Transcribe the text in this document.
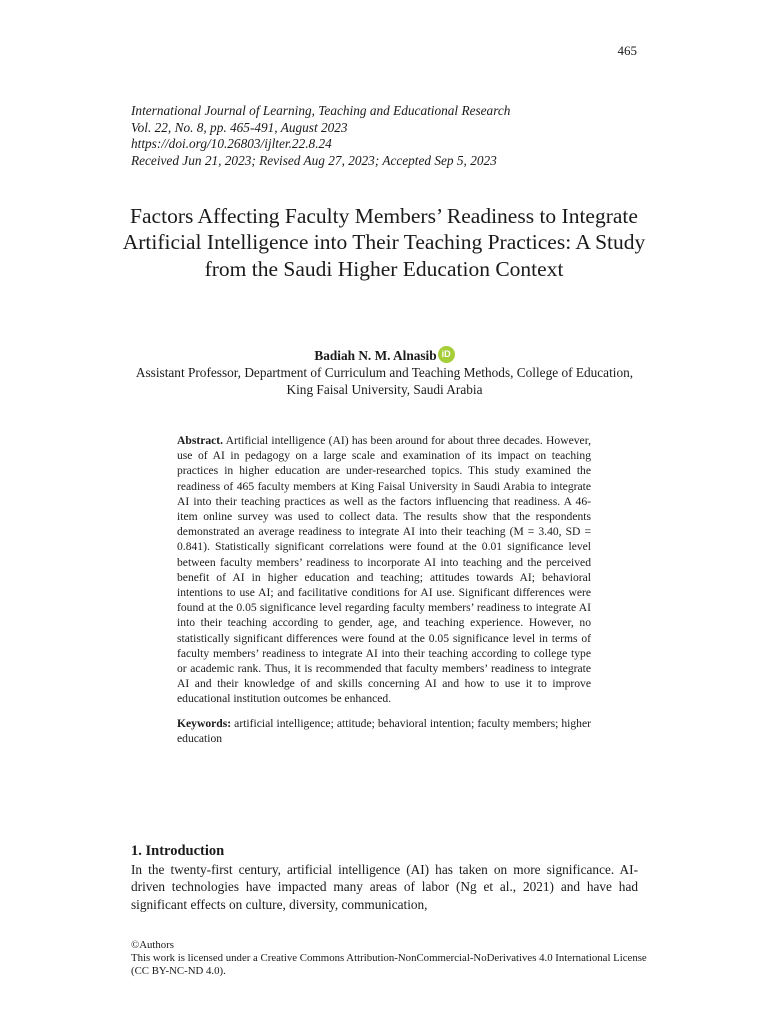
465

International Journal of Learning, Teaching and Educational Research
Vol. 22, No. 8, pp. 465-491, August 2023
https://doi.org/10.26803/ijlter.22.8.24
Received Jun 21, 2023; Revised Aug 27, 2023; Accepted Sep 5, 2023
Factors Affecting Faculty Members’ Readiness to Integrate Artificial Intelligence into Their Teaching Practices: A Study from the Saudi Higher Education Context
Badiah N. M. Alnasib iD
Assistant Professor, Department of Curriculum and Teaching Methods, College of Education, King Faisal University, Saudi Arabia

Abstract. Artificial intelligence (AI) has been around for about three decades. However, use of AI in pedagogy on a large scale and examination of its impact on teaching practices in higher education are under-researched topics. This study examined the readiness of 465 faculty members at King Faisal University in Saudi Arabia to integrate AI into their teaching practices as well as the factors influencing that readiness. A 46-item online survey was used to collect data. The results show that the respondents demonstrated an average readiness to integrate AI into their teaching (M = 3.40, SD = 0.841). Statistically significant correlations were found at the 0.01 significance level between faculty members’ readiness to incorporate AI into teaching and the perceived benefit of AI in higher education and teaching; attitudes towards AI; behavioral intentions to use AI; and facilitative conditions for AI use. Significant differences were found at the 0.05 significance level regarding faculty members’ readiness to integrate AI into their teaching according to gender, age, and teaching experience. However, no statistically significant differences were found at the 0.05 significance level in terms of faculty members’ readiness to integrate AI into their teaching according to college type or academic rank. Thus, it is recommended that faculty members’ readiness to integrate AI and their knowledge of and skills concerning AI and how to use it to improve educational institution outcomes be enhanced.

Keywords: artificial intelligence; attitude; behavioral intention; faculty members; higher education

1. Introduction

In the twenty-first century, artificial intelligence (AI) has taken on more significance. AI-driven technologies have impacted many areas of labor (Ng et al., 2021) and have had significant effects on culture, diversity, communication,

©Authors
This work is licensed under a Creative Commons Attribution-NonCommercial-NoDerivatives 4.0 International License (CC BY-NC-ND 4.0).
